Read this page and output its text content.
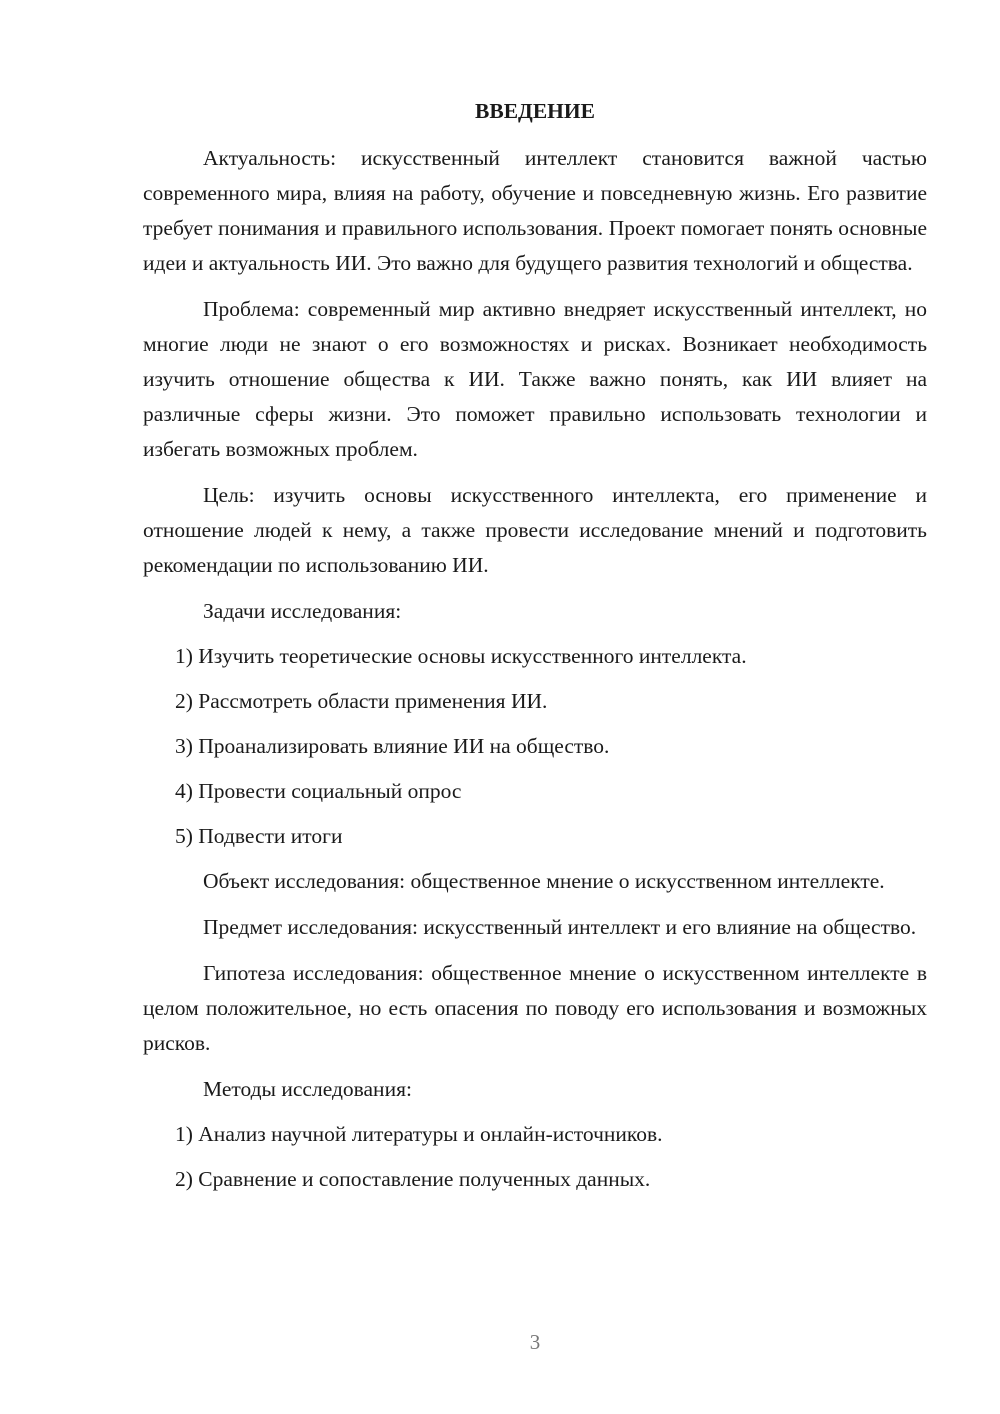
ВВЕДЕНИЕ

Актуальность: искусственный интеллект становится важной частью современного мира, влияя на работу, обучение и повседневную жизнь. Его развитие требует понимания и правильного использования. Проект помогает понять основные идеи и актуальность ИИ. Это важно для будущего развития технологий и общества.

Проблема: современный мир активно внедряет искусственный интеллект, но многие люди не знают о его возможностях и рисках. Возникает необходимость изучить отношение общества к ИИ. Также важно понять, как ИИ влияет на различные сферы жизни. Это поможет правильно использовать технологии и избегать возможных проблем.

Цель: изучить основы искусственного интеллекта, его применение и отношение людей к нему, а также провести исследование мнений и подготовить рекомендации по использованию ИИ.

Задачи исследования:

1) Изучить теоретические основы искусственного интеллекта.

2) Рассмотреть области применения ИИ.

3) Проанализировать влияние ИИ на общество.

4) Провести социальный опрос

5) Подвести итоги

Объект исследования: общественное мнение о искусственном интеллекте.

Предмет исследования: искусственный интеллект и его влияние на общество.

Гипотеза исследования: общественное мнение о искусственном интеллекте в целом положительное, но есть опасения по поводу его использования и возможных рисков.

Методы исследования:

1) Анализ научной литературы и онлайн-источников.

2) Сравнение и сопоставление полученных данных.

3
